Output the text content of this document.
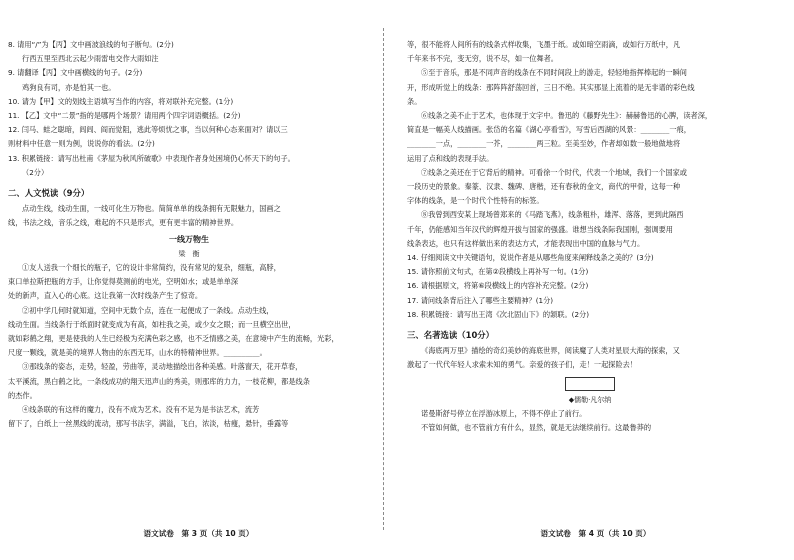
8. 请用“/”为【丙】文中画波浪线的句子断句。(2分)
行西五里至西北云起少雨雷电交作大雨如注
9. 请翻译【丙】文中画横线的句子。(2分)
鸡狗良有司，亦是怕其一也。
10. 请为【甲】文的划线主语填写当作的内容，将对联补充完整。(1分)
11. 【乙】文中“二景”指的是哪两个场景？请用两个四字词语概括。(2分)
12. 闫马、蛙之聪暗，闾闾、阎而觉阻，逃此等烦忧之事，当以何种心态来面对？请以三
则材料中任意一则为例，说说你的看法。(2分)
13. 积累链接：请写出杜甫《茅屋为秋风所破歌》中表现作者身处困境仍心怀天下的句子。
（2分）
二、人文悦读（9分）
点动生线，线动生面，一线可化生万物也。简简单单的线条拥有无限魅力，国画之
线，书法之线，音乐之线，难起的不只是形式，更有更丰富的精神世界。
一线万物生
梁　衡
①友人送我一个细长的瓶子，它的设计非常简约，没有常见的复杂，细瓶，高脖，
束口单拉斯把瓶的方手，让你觉得莫测前的电光，空明如水；或是单单深
处的新声，直入心的心底。这让我第一次时线条产生了惊奇。
②初中学几何时就知道，空间中无数个点，连在一起便成了一条线。点动生线，
线动生面。当线条行于纸面时就变成为有高，如柱我之美，或少女之眼；而一旦横空出世，
就如彩鹤之翔，更是使我的人生已经极为充满色彩之感，也不乏情感之美，在意境中产生的流畅，光彩，
尺度一颗线，就是美的境界人物由的东西无耳，山水的特精神世界。__________。
③那线条的姿态，走势，轻盈，劳曲等，灵动地描绘出各种美感。叶落窗天，花开草春，
太平溪流，黑白鹤之比，一条线成功的翔天迅声山的秀美，则那库的力力，一枝花柳，都是线条
的杰作。
④线条联的有这样的魔力，没有不成为艺术。没有不足为是书法艺术，流芳
留下了，白纸上一丝黑线的流动，那写书法字，满溢，飞白，浓淡，枯瘦，悬针，垂露等
语文试卷　第 3 页（共 10 页）
等，很不能将人间所有的线条式样收集，飞墨于纸。或如暗空雨滴，或如行万纸中，凡
千年来书不完，变无穷，说不尽，如一位舞者。
⑤至于音乐，那是不同声音的线条在不同时间段上的游走，轻轻地指挥棒起的一瞬间
开，形成听觉上的线条：那阵阵舒荡回首，三日不绝。其实那显上流着的是无非谱的彩色线
条。
⑥线条之美不止于艺术，也体现于文字中。鲁迅的《藤野先生》：赫赫鲁迅的心脾，读者深，
简直是一幅美人线描画。张岱的名篇《湖心亭看雪》，写雪后西湖的风景：________一痕，
________一点，________一芥，________两三粒。至美至妙，作者却如数一般地做地将
运用了点和线的表现手法。
⑦线条之美还在于它背后的精神。可看徐一个时代，代表一个地域，我们一个国家或
一段历史的景象。秦篆、汉隶、魏碑、唐楷，还有春秋的金文，商代的甲骨，这每一种
字体的线条，是一个时代个性特有的标签。
⑧我曾到西安某上现场曾郑来的《马踏飞燕》，线条粗朴，雄浑、落落，更到此隔西
千年，仍能感知当年汉代的辉煌开拔与国家的强盛。谁想当线条际我国刚，强调要用
线条表达，也只有这样做出来的表达方式，才能表现出中国的血脉与气力。
14. 仔细阅读文中关键语句，说说作者是从哪些角度来阐释线条之美的？(3分)
15. 请你照前文句式，在第②段横线上再补写一句。(1分)
16. 请根据原文，将第⑥段横线上的内容补充完整。(2分)
17. 请问线条背后注入了哪些主要精神？(1分)
18. 积累链接：请写出王湾《次北固山下》的颔联。(2分)
三、名著选读（10分）
《海底两万里》描绘的奇幻美妙的海底世界，阅读魔了人类对星辰大海的探索，又
激起了一代代年轻人求索未知的勇气。亲爱的孩子们，走！一起探险去！
◆儒勒·凡尔纳
诺曼斯舒号停立在浮游冰原上，不得不停止了前行。
不管如何做，也不管前方有什么，显然，就是无法继续前行。这最鲁莽的
语文试卷　第 4 页（共 10 页）
